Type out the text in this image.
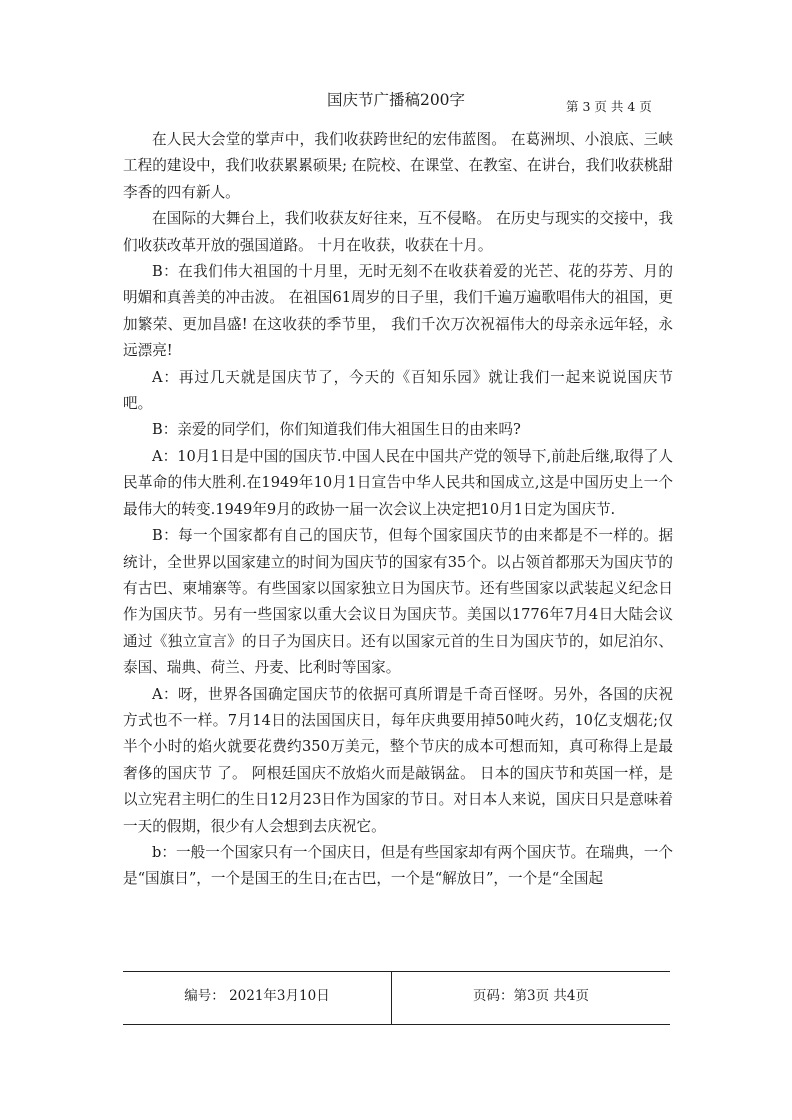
国庆节广播稿200字	第 3 页 共 4 页

在人民大会堂的掌声中，我们收获跨世纪的宏伟蓝图。 在葛洲坝、小浪底、三峡工程的建设中，我们收获累累硕果; 在院校、在课堂、在教室、在讲台，我们收获桃甜李香的四有新人。

在国际的大舞台上，我们收获友好往来，互不侵略。 在历史与现实的交接中，我们收获改革开放的强国道路。 十月在收获，收获在十月。

B：在我们伟大祖国的十月里，无时无刻不在收获着爱的光芒、花的芬芳、月的明媚和真善美的冲击波。 在祖国61周岁的日子里，我们千遍万遍歌唱伟大的祖国，更加繁荣、更加昌盛! 在这收获的季节里， 我们千次万次祝福伟大的母亲永远年轻，永远漂亮!

A：再过几天就是国庆节了，今天的《百知乐园》就让我们一起来说说国庆节吧。

B：亲爱的同学们，你们知道我们伟大祖国生日的由来吗?

A：10月1日是中国的国庆节.中国人民在中国共产党的领导下,前赴后继,取得了人民革命的伟大胜利.在1949年10月1日宣告中华人民共和国成立,这是中国历史上一个最伟大的转变.1949年9月的政协一届一次会议上决定把10月1日定为国庆节.

B：每一个国家都有自己的国庆节，但每个国家国庆节的由来都是不一样的。据统计，全世界以国家建立的时间为国庆节的国家有35个。以占领首都那天为国庆节的有古巴、柬埔寨等。有些国家以国家独立日为国庆节。还有些国家以武装起义纪念日作为国庆节。另有一些国家以重大会议日为国庆节。美国以1776年7月4日大陆会议通过《独立宣言》的日子为国庆日。还有以国家元首的生日为国庆节的，如尼泊尔、泰国、瑞典、荷兰、丹麦、比利时等国家。

A：呀，世界各国确定国庆节的依据可真所谓是千奇百怪呀。另外，各国的庆祝方式也不一样。7月14日的法国国庆日，每年庆典要用掉50吨火药，10亿支烟花;仅半个小时的焰火就要花费约350万美元，整个节庆的成本可想而知，真可称得上是最奢侈的国庆节 了。 阿根廷国庆不放焰火而是敲锅盆。 日本的国庆节和英国一样，是以立宪君主明仁的生日12月23日作为国家的节日。对日本人来说，国庆日只是意味着一天的假期，很少有人会想到去庆祝它。

b：一般一个国家只有一个国庆日，但是有些国家却有两个国庆节。在瑞典，一个是“国旗日”，一个是国王的生日;在古巴，一个是“解放日”，一个是“全国起

编号： 2021年3月10日	页码：第3页 共4页
